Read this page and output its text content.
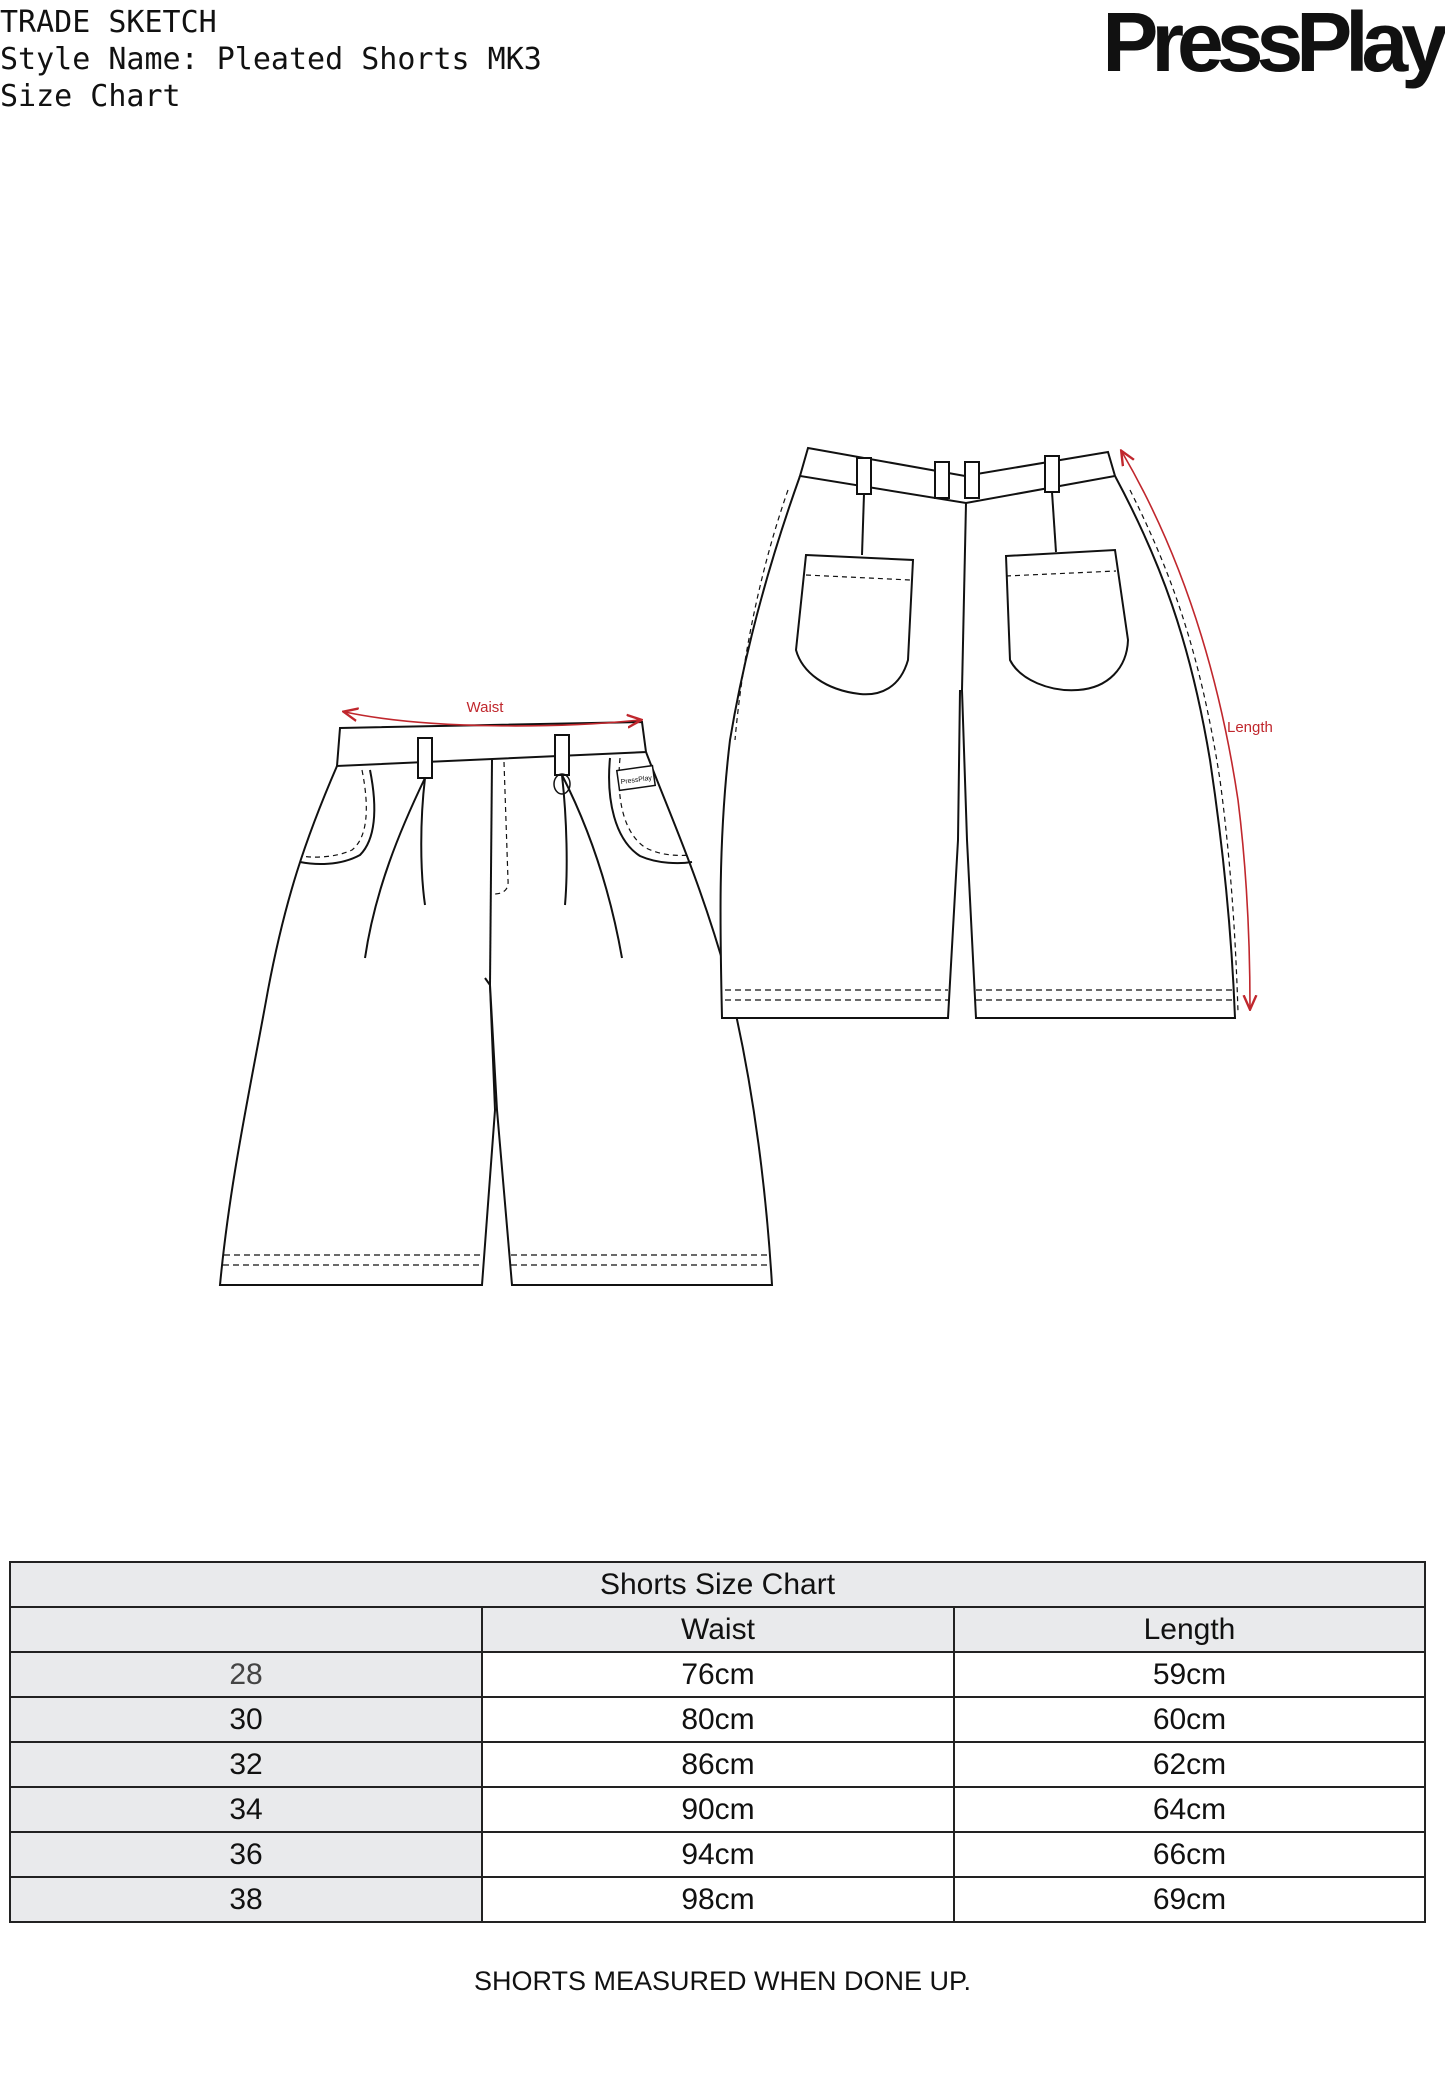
TRADE SKETCH
Style Name: Pleated Shorts MK3
Size Chart
PressPlay
PressPlay
Waist
Length
Shorts Size Chart		
	Waist	Length
28	76cm	59cm
30	80cm	60cm
32	86cm	62cm
34	90cm	64cm
36	94cm	66cm
38	98cm	69cm
SHORTS MEASURED WHEN DONE UP.
